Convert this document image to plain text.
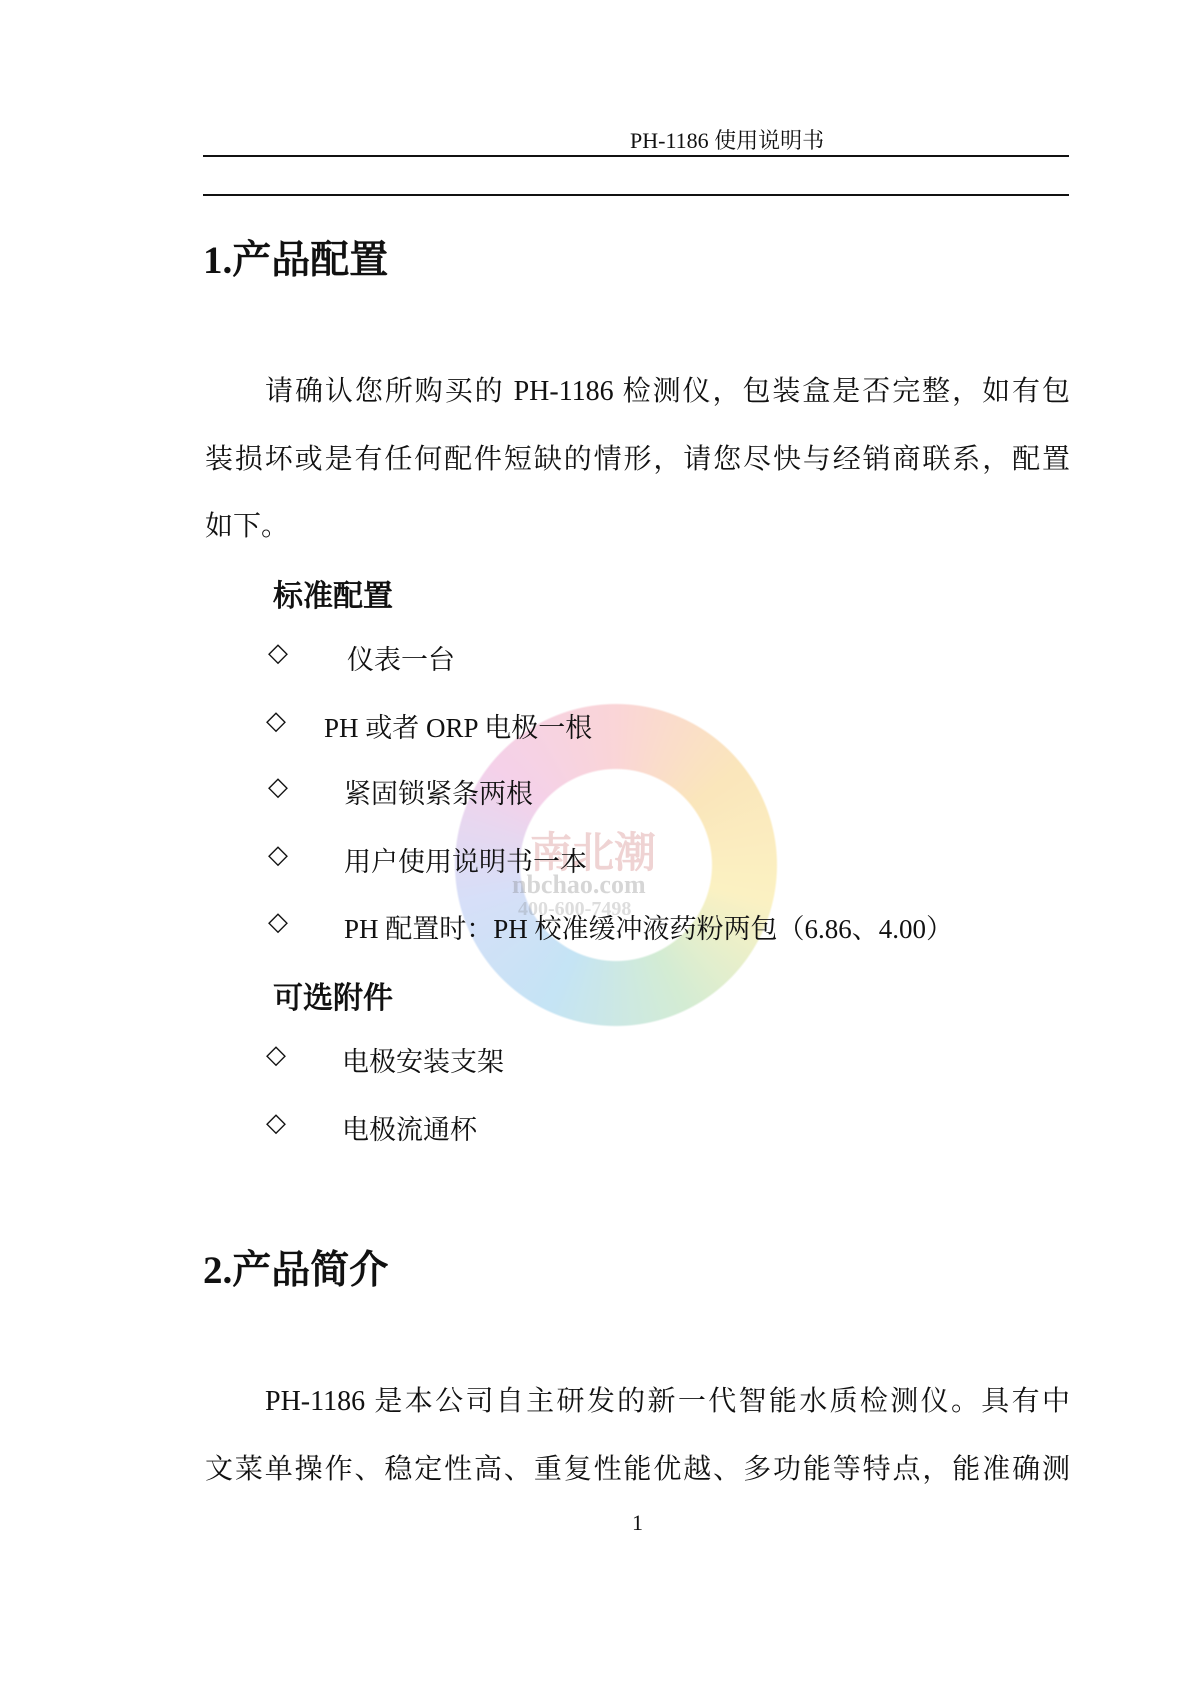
南北潮
nbchao.com
400-600-7498
PH-1186 使用说明书
1.产品配置
请确认您所购买的 PH-1186 检测仪，包装盒是否完整，如有包
装损坏或是有任何配件短缺的情形，请您尽快与经销商联系，配置
如下。
标准配置
◇ 仪表一台
◇ PH 或者 ORP 电极一根
◇ 紧固锁紧条两根
◇ 用户使用说明书一本
◇ PH 配置时：PH 校准缓冲液药粉两包（6.86、4.00）
可选附件
◇ 电极安装支架
◇ 电极流通杯
2.产品简介
PH-1186 是本公司自主研发的新一代智能水质检测仪。具有中
文菜单操作、稳定性高、重复性能优越、多功能等特点，能准确测
1
